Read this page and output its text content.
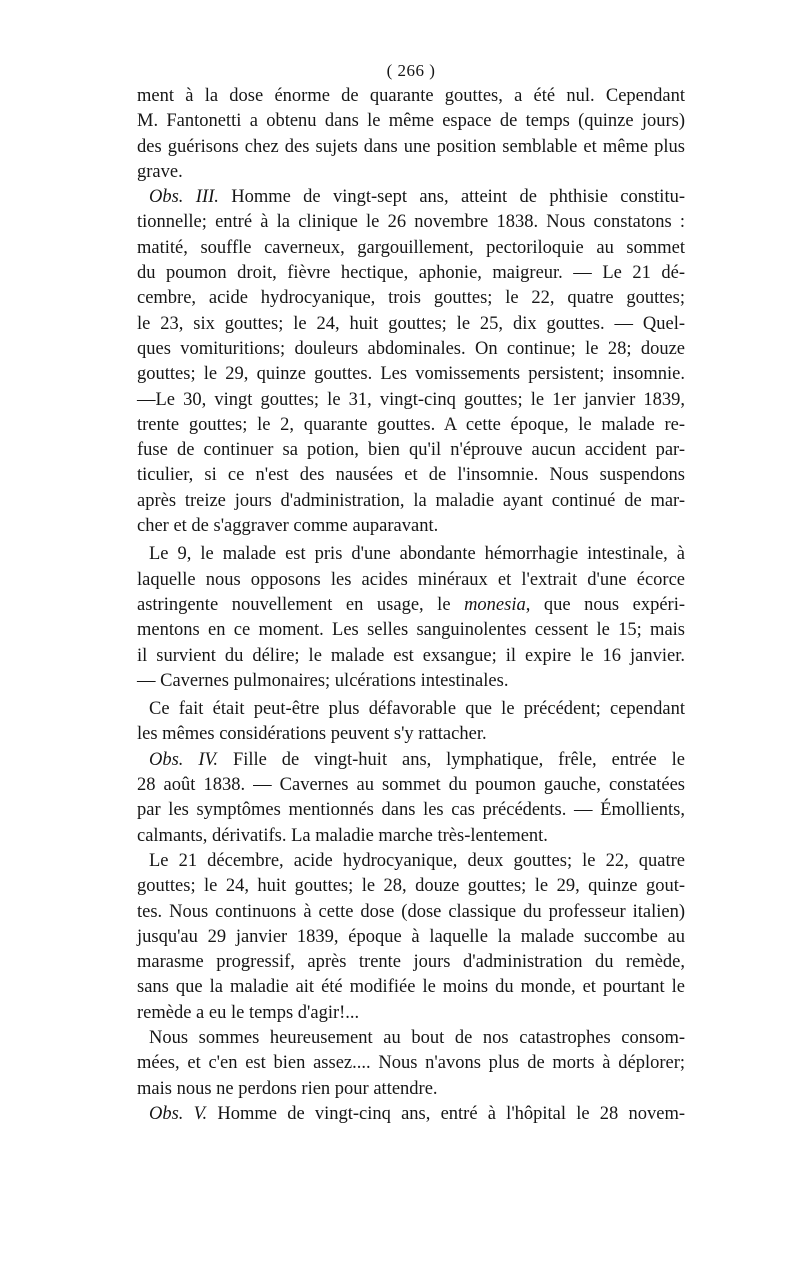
( 266 )
ment à la dose énorme de quarante gouttes, a été nul. Cependant
M. Fantonetti a obtenu dans le même espace de temps (quinze jours)
des guérisons chez des sujets dans une position semblable et même plus
grave.
Obs. III. Homme de vingt-sept ans, atteint de phthisie constitu-
tionnelle; entré à la clinique le 26 novembre 1838. Nous constatons :
matité, souffle caverneux, gargouillement, pectoriloquie au sommet
du poumon droit, fièvre hectique, aphonie, maigreur. — Le 21 dé-
cembre, acide hydrocyanique, trois gouttes; le 22, quatre gouttes;
le 23, six gouttes; le 24, huit gouttes; le 25, dix gouttes. — Quel-
ques vomituritions; douleurs abdominales. On continue; le 28; douze
gouttes; le 29, quinze gouttes. Les vomissements persistent; insomnie.
—Le 30, vingt gouttes; le 31, vingt-cinq gouttes; le 1er janvier 1839,
trente gouttes; le 2, quarante gouttes. A cette époque, le malade re-
fuse de continuer sa potion, bien qu'il n'éprouve aucun accident par-
ticulier, si ce n'est des nausées et de l'insomnie. Nous suspendons
après treize jours d'administration, la maladie ayant continué de mar-
cher et de s'aggraver comme auparavant.
Le 9, le malade est pris d'une abondante hémorrhagie intestinale, à
laquelle nous opposons les acides minéraux et l'extrait d'une écorce
astringente nouvellement en usage, le monesia, que nous expéri-
mentons en ce moment. Les selles sanguinolentes cessent le 15; mais
il survient du délire; le malade est exsangue; il expire le 16 janvier.
— Cavernes pulmonaires; ulcérations intestinales.
Ce fait était peut-être plus défavorable que le précédent; cependant
les mêmes considérations peuvent s'y rattacher.
Obs. IV. Fille de vingt-huit ans, lymphatique, frêle, entrée le
28 août 1838. — Cavernes au sommet du poumon gauche, constatées
par les symptômes mentionnés dans les cas précédents. — Émollients,
calmants, dérivatifs. La maladie marche très-lentement.
Le 21 décembre, acide hydrocyanique, deux gouttes; le 22, quatre
gouttes; le 24, huit gouttes; le 28, douze gouttes; le 29, quinze gout-
tes. Nous continuons à cette dose (dose classique du professeur italien)
jusqu'au 29 janvier 1839, époque à laquelle la malade succombe au
marasme progressif, après trente jours d'administration du remède,
sans que la maladie ait été modifiée le moins du monde, et pourtant le
remède a eu le temps d'agir!...
Nous sommes heureusement au bout de nos catastrophes consom-
mées, et c'en est bien assez.... Nous n'avons plus de morts à déplorer;
mais nous ne perdons rien pour attendre.
Obs. V. Homme de vingt-cinq ans, entré à l'hôpital le 28 novem-
